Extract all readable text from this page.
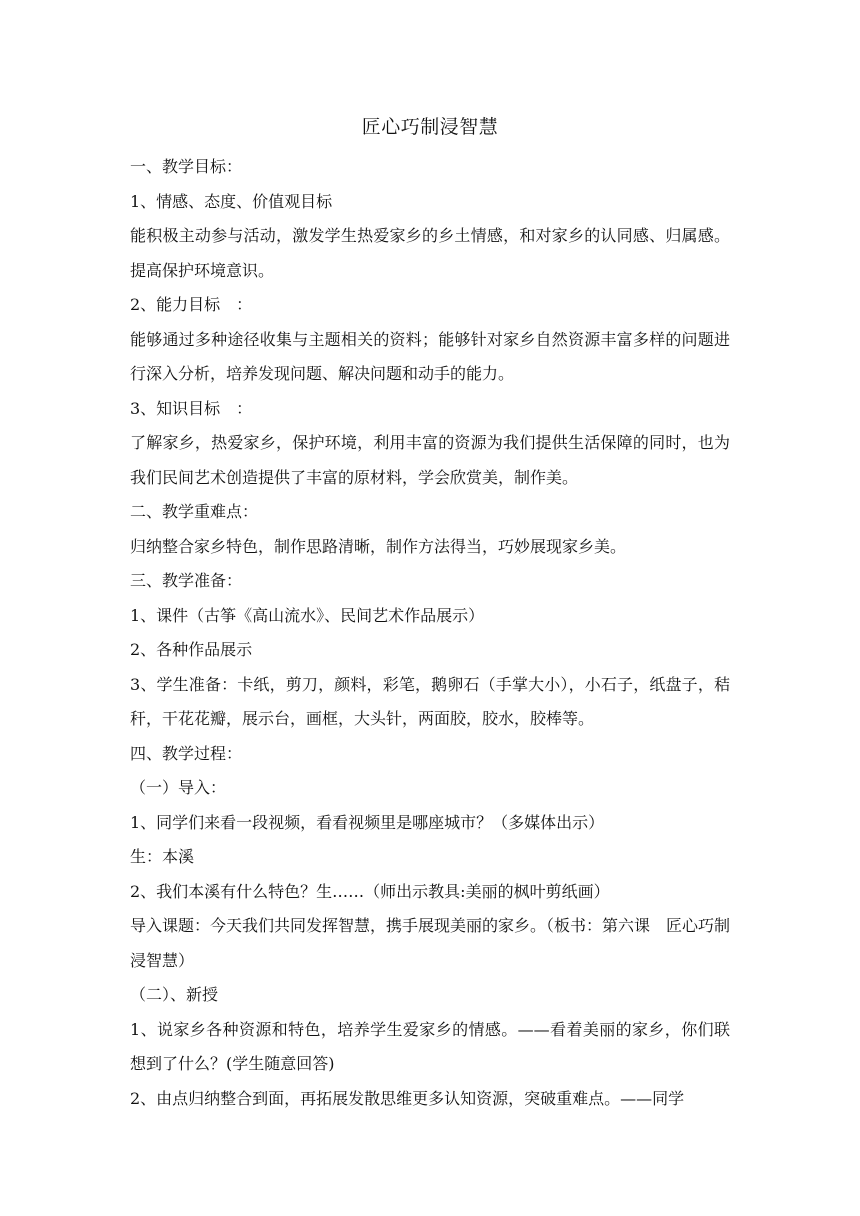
匠心巧制浸智慧

一、教学目标：

1、情感、态度、价值观目标

能积极主动参与活动，激发学生热爱家乡的乡土情感，和对家乡的认同感、归属感。提高保护环境意识。

2、能力目标　：

能够通过多种途径收集与主题相关的资料；能够针对家乡自然资源丰富多样的问题进行深入分析，培养发现问题、解决问题和动手的能力。

3、知识目标　：

了解家乡，热爱家乡，保护环境，利用丰富的资源为我们提供生活保障的同时，也为我们民间艺术创造提供了丰富的原材料，学会欣赏美，制作美。

二、教学重难点：

归纳整合家乡特色，制作思路清晰，制作方法得当，巧妙展现家乡美。

三、教学准备：

1、课件（古筝《高山流水》、民间艺术作品展示）

2、各种作品展示

3、学生准备：卡纸，剪刀，颜料，彩笔，鹅卵石（手掌大小），小石子，纸盘子，秸秆，干花花瓣，展示台，画框，大头针，两面胶，胶水，胶棒等。

四、教学过程：

（一）导入：

1、同学们来看一段视频，看看视频里是哪座城市？（多媒体出示）

生：本溪

2、我们本溪有什么特色？生……（师出示教具:美丽的枫叶剪纸画）

导入课题：今天我们共同发挥智慧，携手展现美丽的家乡。（板书：第六课　匠心巧制浸智慧）

（二）、新授

1、说家乡各种资源和特色，培养学生爱家乡的情感。——看着美丽的家乡，你们联想到了什么？(学生随意回答)

2、由点归纳整合到面，再拓展发散思维更多认知资源，突破重难点。——同学
